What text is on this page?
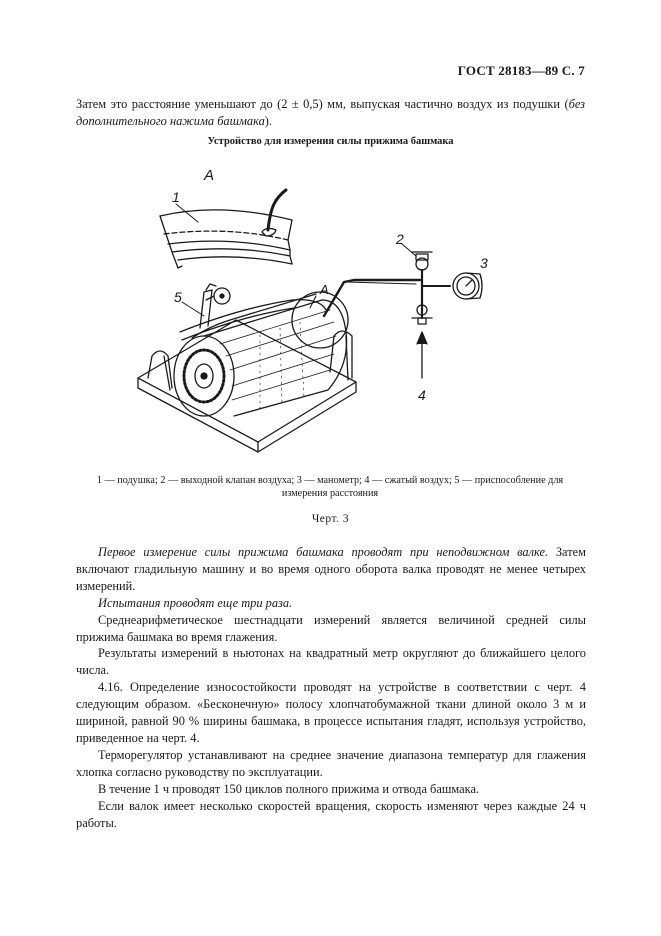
ГОСТ 28183—89 С. 7
Затем это расстояние уменьшают до (2 ± 0,5) мм, выпуская частично воздух из подушки (без дополнительного нажима башмака).
Устройство для измерения силы прижима башмака
А
1
5	А
2
3
4
1 — подушка; 2 — выходной клапан воздуха; 3 — манометр; 4 — сжатый воздух; 5 — приспособление для измерения расстояния
Черт. 3

Первое измерение силы прижима башмака проводят при неподвижном валке. Затем включают гладильную машину и во время одного оборота валка проводят не менее четырех измерений.

Испытания проводят еще три раза.

Среднеарифметическое шестнадцати измерений является величиной средней силы прижима башмака во время глажения.

Результаты измерений в ньютонах на квадратный метр округляют до ближайшего целого числа.

4.16. Определение износостойкости проводят на устройстве в соответствии с черт. 4 следующим образом. «Бесконечную» полосу хлопчатобумажной ткани длиной около 3 м и шириной, равной 90 % ширины башмака, в процессе испытания гладят, используя устройство, приведенное на черт. 4.

Терморегулятор устанавливают на среднее значение диапазона температур для глажения хлопка согласно руководству по эксплуатации.

В течение 1 ч проводят 150 циклов полного прижима и отвода башмака.

Если валок имеет несколько скоростей вращения, скорость изменяют через каждые 24 ч работы.
